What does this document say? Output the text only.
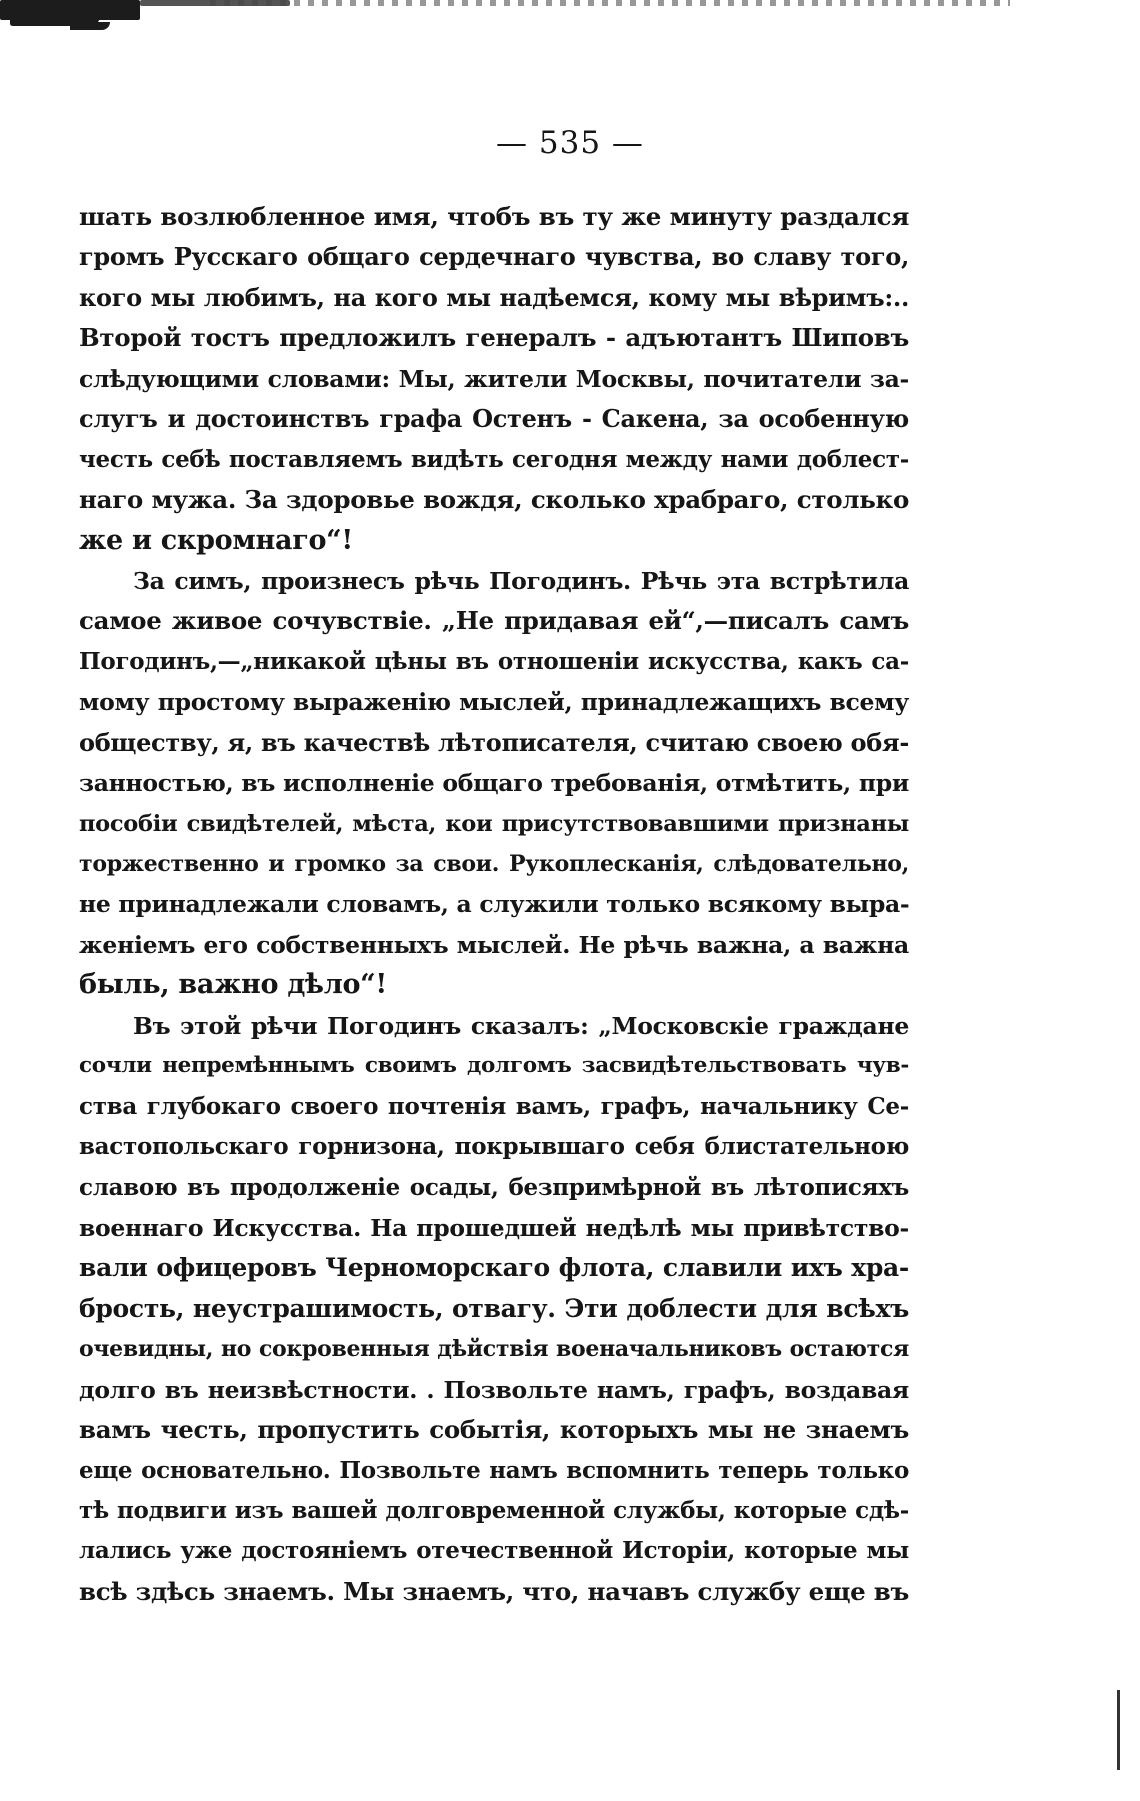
— 535 —
шать возлюбленное имя, чтобъ въ ту же минуту раздался
громъ Русскаго общаго сердечнаго чувства, во славу того,
кого мы любимъ, на кого мы надѣемся, кому мы вѣримъ:..
Второй тостъ предложилъ генералъ - адъютантъ Шиповъ
слѣдующими словами: Мы, жители Москвы, почитатели за-
слугъ и достоинствъ графа Остенъ - Сакена, за особенную
честь себѣ поставляемъ видѣть сегодня между нами доблест-
наго мужа. За здоровье вождя, сколько храбраго, столько
же и скромнаго“!
За симъ, произнесъ рѣчь Погодинъ. Рѣчь эта встрѣтила
самое живое сочувствіе. „Не придавая ей“,—писалъ самъ
Погодинъ,—„никакой цѣны въ отношеніи искусства, какъ са-
мому простому выраженію мыслей, принадлежащихъ всему
обществу, я, въ качествѣ лѣтописателя, считаю своею обя-
занностью, въ исполненіе общаго требованія, отмѣтить, при
пособіи свидѣтелей, мѣста, кои присутствовавшими признаны
торжественно и громко за свои. Рукоплесканія, слѣдовательно,
не принадлежали словамъ, а служили только всякому выра-
женіемъ его собственныхъ мыслей. Не рѣчь важна, а важна
быль, важно дѣло“!
Въ этой рѣчи Погодинъ сказалъ: „Московскіе граждане
сочли непремѣннымъ своимъ долгомъ засвидѣтельствовать чув-
ства глубокаго своего почтенія вамъ, графъ, начальнику Се-
вастопольскаго горнизона, покрывшаго себя блистательною
славою въ продолженіе осады, безпримѣрной въ лѣтописяхъ
военнаго Искусства. На прошедшей недѣлѣ мы привѣтство-
вали офицеровъ Черноморскаго флота, славили ихъ хра-
брость, неустрашимость, отвагу. Эти доблести для всѣхъ
очевидны, но сокровенныя дѣйствія военачальниковъ остаются
долго въ неизвѣстности. . Позвольте намъ, графъ, воздавая
вамъ честь, пропустить событія, которыхъ мы не знаемъ
еще основательно. Позвольте намъ вспомнить теперь только
тѣ подвиги изъ вашей долговременной службы, которые сдѣ-
лались уже достояніемъ отечественной Исторіи, которые мы
всѣ здѣсь знаемъ. Мы знаемъ, что, начавъ службу еще въ
